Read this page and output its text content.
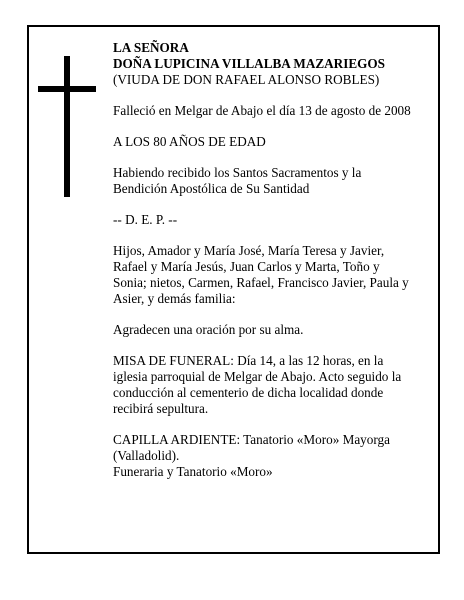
LA SEÑORA
DOÑA LUPICINA VILLALBA MAZARIEGOS
(VIUDA DE DON RAFAEL ALONSO ROBLES)

Falleció en Melgar de Abajo el día 13 de agosto de 2008

A LOS 80 AÑOS DE EDAD

Habiendo recibido los Santos Sacramentos y la
Bendición Apostólica de Su Santidad

-- D. E. P. --

Hijos, Amador y María José, María Teresa y Javier,
Rafael y María Jesús, Juan Carlos y Marta, Toño y
Sonia; nietos, Carmen, Rafael, Francisco Javier, Paula y
Asier, y demás familia:

Agradecen una oración por su alma.

MISA DE FUNERAL: Día 14, a las 12 horas, en la
iglesia parroquial de Melgar de Abajo. Acto seguido la
conducción al cementerio de dicha localidad donde
recibirá sepultura.

CAPILLA ARDIENTE: Tanatorio «Moro» Mayorga
(Valladolid).
Funeraria y Tanatorio «Moro»
